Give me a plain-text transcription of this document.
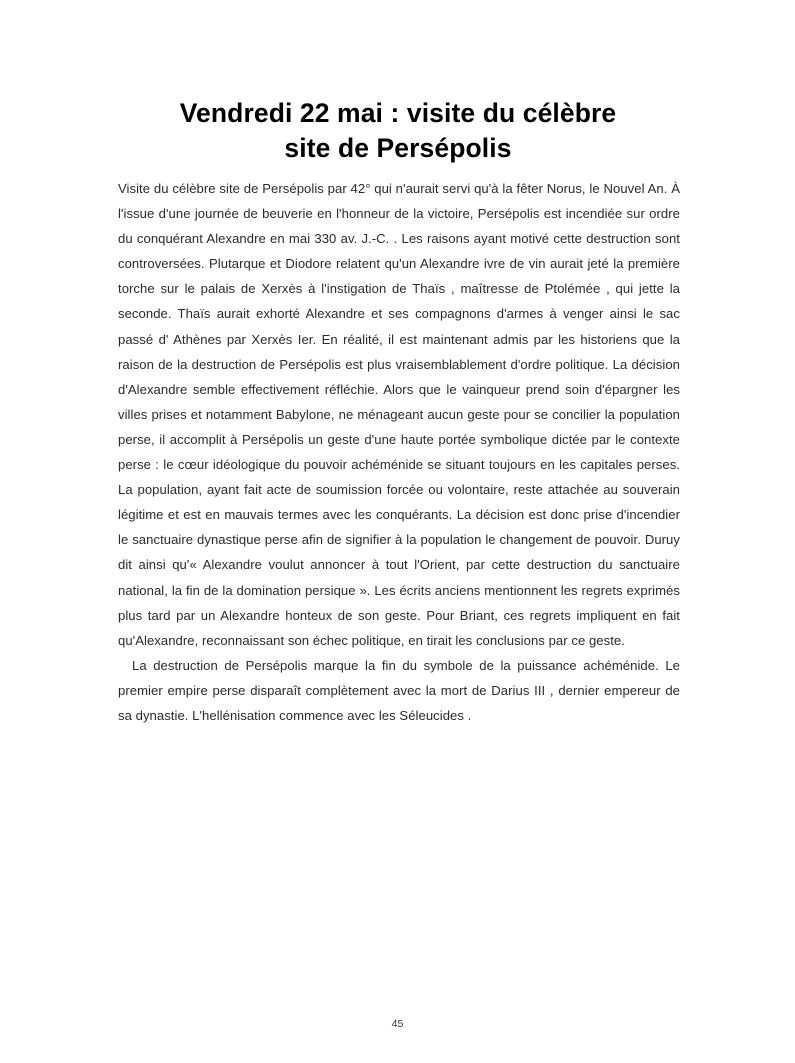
Vendredi 22 mai : visite du célèbre
site de Persépolis

Visite du célèbre site de Persépolis par 42° qui n'aurait servi qu'à la fêter Norus, le Nouvel An. À l'issue d'une journée de beuverie en l'honneur de la victoire, Persépolis est incendiée sur ordre du conquérant Alexandre en mai 330 av. J.-C. . Les raisons ayant motivé cette destruction sont controversées. Plutarque et Diodore relatent qu'un Alexandre ivre de vin aurait jeté la première torche sur le palais de Xerxès à l'instigation de Thaïs , maîtresse de Ptolémée , qui jette la seconde. Thaïs aurait exhorté Alexandre et ses compagnons d'armes à venger ainsi le sac passé d' Athènes par Xerxès Ier. En réalité, il est maintenant admis par les historiens que la raison de la destruction de Persépolis est plus vraisemblablement d'ordre politique. La décision d'Alexandre semble effectivement réfléchie. Alors que le vainqueur prend soin d'épargner les villes prises et notamment Babylone, ne ménageant aucun geste pour se concilier la population perse, il accomplit à Persépolis un geste d'une haute portée symbolique dictée par le contexte perse : le cœur idéologique du pouvoir achéménide se situant toujours en les capitales perses. La population, ayant fait acte de soumission forcée ou volontaire, reste attachée au souverain légitime et est en mauvais termes avec les conquérants. La décision est donc prise d'incendier le sanctuaire dynastique perse afin de signifier à la population le changement de pouvoir. Duruy dit ainsi qu'« Alexandre voulut annoncer à tout l'Orient, par cette destruction du sanctuaire national, la fin de la domination persique ». Les écrits anciens mentionnent les regrets exprimés plus tard par un Alexandre honteux de son geste. Pour Briant, ces regrets impliquent en fait qu'Alexandre, reconnaissant son échec politique, en tirait les conclusions par ce geste.

La destruction de Persépolis marque la fin du symbole de la puissance achéménide. Le premier empire perse disparaît complètement avec la mort de Darius III , dernier empereur de sa dynastie. L'hellénisation commence avec les Séleucides .

45
